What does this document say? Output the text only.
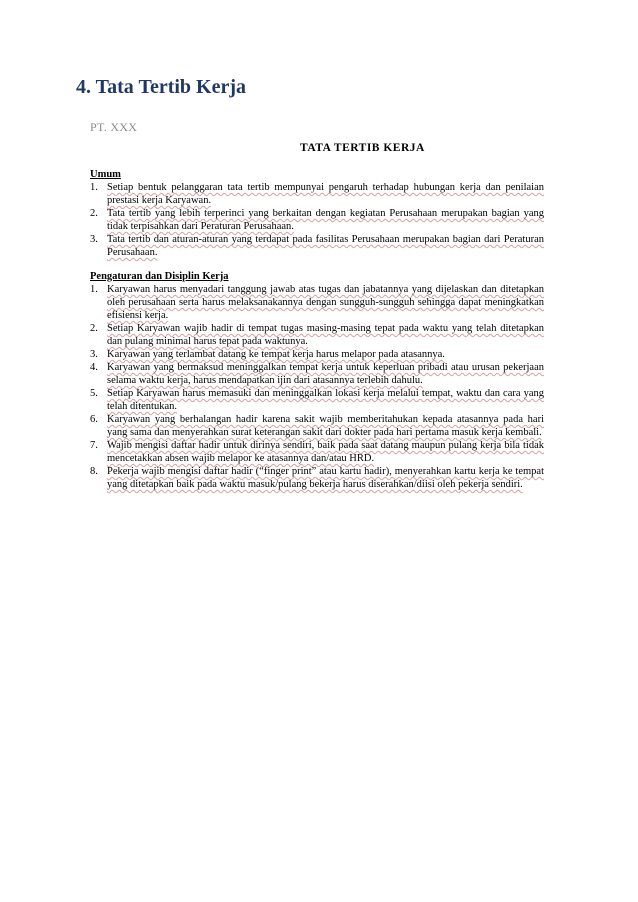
4. Tata Tertib Kerja
PT. XXX
TATA TERTIB KERJA
Umum
1. Setiap bentuk pelanggaran tata tertib mempunyai pengaruh terhadap hubungan kerja dan penilaian prestasi kerja Karyawan.
2. Tata tertib yang lebih terperinci yang berkaitan dengan kegiatan Perusahaan merupakan bagian yang tidak terpisahkan dari Peraturan Perusahaan.
3. Tata tertib dan aturan-aturan yang terdapat pada fasilitas Perusahaan merupakan bagian dari Peraturan Perusahaan.
Pengaturan dan Disiplin Kerja
1. Karyawan harus menyadari tanggung jawab atas tugas dan jabatannya yang dijelaskan dan ditetapkan oleh perusahaan serta harus melaksanakannya dengan sungguh-sungguh sehingga dapat meningkatkan efisiensi kerja.
2. Setiap Karyawan wajib hadir di tempat tugas masing-masing tepat pada waktu yang telah ditetapkan dan pulang minimal harus tepat pada waktunya.
3. Karyawan yang terlambat datang ke tempat kerja harus melapor pada atasannya.
4. Karyawan yang bermaksud meninggalkan tempat kerja untuk keperluan pribadi atau urusan pekerjaan selama waktu kerja, harus mendapatkan ijin dari atasannya terlebih dahulu.
5. Setiap Karyawan harus memasuki dan meninggalkan lokasi kerja melalui tempat, waktu dan cara yang telah ditentukan.
6. Karyawan yang berhalangan hadir karena sakit wajib memberitahukan kepada atasannya pada hari yang sama dan menyerahkan surat keterangan sakit dari dokter pada hari pertama masuk kerja kembali.
7. Wajib mengisi daftar hadir untuk dirinya sendiri, baik pada saat datang maupun pulang kerja bila tidak mencetakkan absen wajib melapor ke atasannya dan/atau HRD.
8. Pekerja wajib mengisi daftar hadir (“finger print” atau kartu hadir), menyerahkan kartu kerja ke tempat yang ditetapkan baik pada waktu masuk/pulang bekerja harus diserahkan/diisi oleh pekerja sendiri.
